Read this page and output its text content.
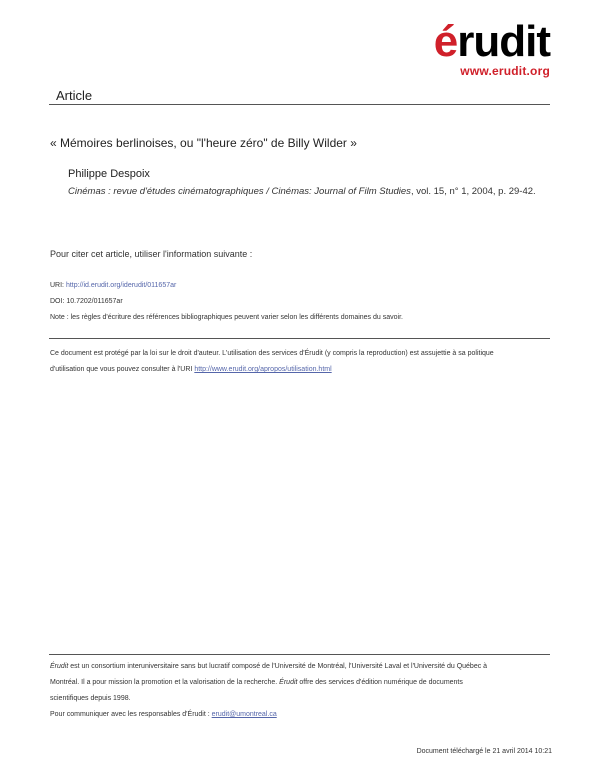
érudit
www.erudit.org
Article
« Mémoires berlinoises, ou "l'heure zéro" de Billy Wilder »
Philippe Despoix
Cinémas : revue d'études cinématographiques / Cinémas: Journal of Film Studies, vol. 15, n° 1, 2004, p. 29-42.
Pour citer cet article, utiliser l'information suivante :
URI: http://id.erudit.org/iderudit/011657ar
DOI: 10.7202/011657ar
Note : les règles d'écriture des références bibliographiques peuvent varier selon les différents domaines du savoir.
Ce document est protégé par la loi sur le droit d'auteur. L'utilisation des services d'Érudit (y compris la reproduction) est assujettie à sa politique
d'utilisation que vous pouvez consulter à l'URI http://www.erudit.org/apropos/utilisation.html
Érudit est un consortium interuniversitaire sans but lucratif composé de l'Université de Montréal, l'Université Laval et l'Université du Québec à
Montréal. Il a pour mission la promotion et la valorisation de la recherche. Érudit offre des services d'édition numérique de documents
scientifiques depuis 1998.
Pour communiquer avec les responsables d'Érudit : erudit@umontreal.ca
Document téléchargé le 21 avril 2014 10:21
